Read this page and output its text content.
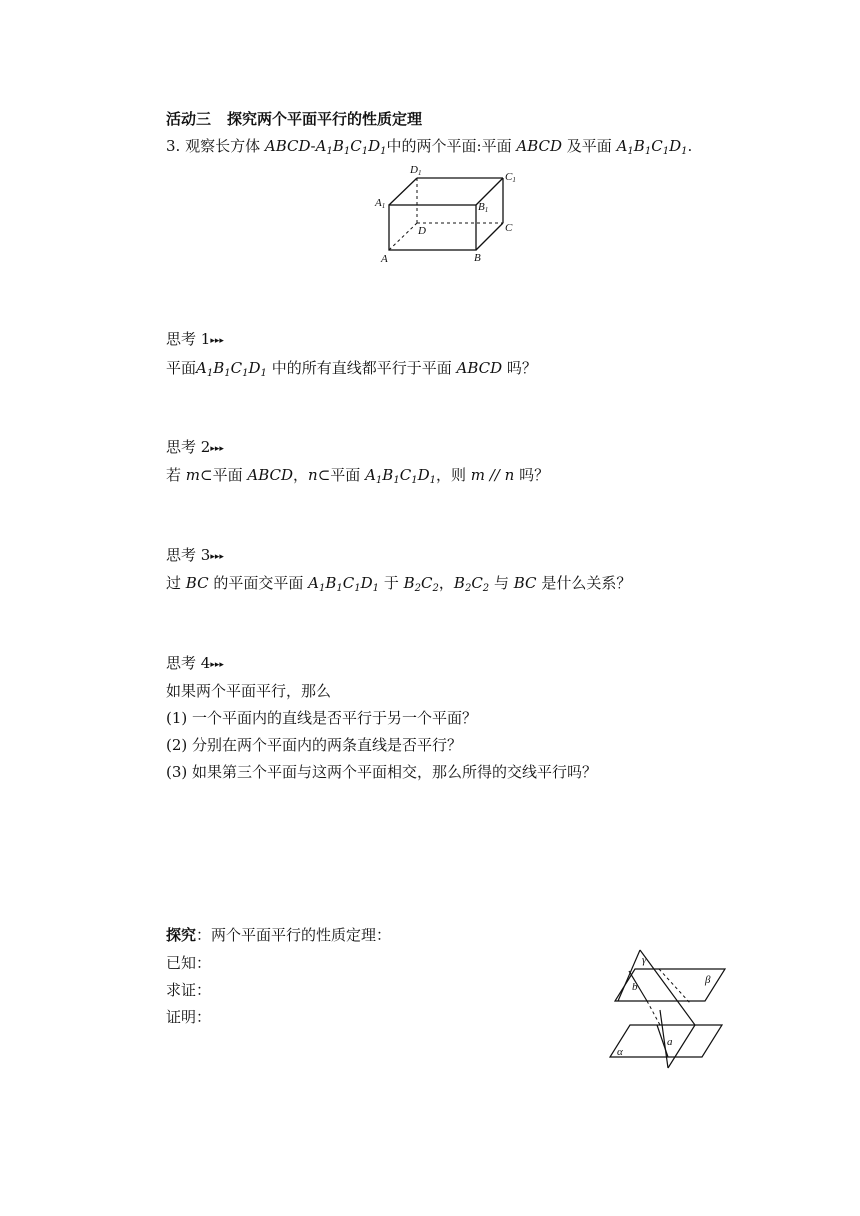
活动三 探究两个平面平行的性质定理
3. 观察长方体 ABCD-$A_1B_1C_1D_1$中的两个平面:平面 ABCD 及平面 $A_1B_1C_1D_1$.
D1	C1
A1	B1
D	C
A	B
思考 1▸▸▸
平面$A_1B_1C_1D_1$ 中的所有直线都平行于平面 ABCD 吗？
思考 2▸▸▸
若 m⊂平面 ABCD，n⊂平面 $A_1B_1C_1D_1$，则 m // n 吗？
思考 3▸▸▸
过 BC 的平面交平面 $A_1B_1C_1D_1$ 于 $B_2C_2$，$B_2C_2$ 与 BC 是什么关系？
思考 4▸▸▸
如果两个平面平行，那么
(1) 一个平面内的直线是否平行于另一个平面？
(2) 分别在两个平面内的两条直线是否平行？
(3) 如果第三个平面与这两个平面相交，那么所得的交线平行吗？
探究：两个平面平行的性质定理：
已知：
求证：
证明：
γ
β
b
a
α
